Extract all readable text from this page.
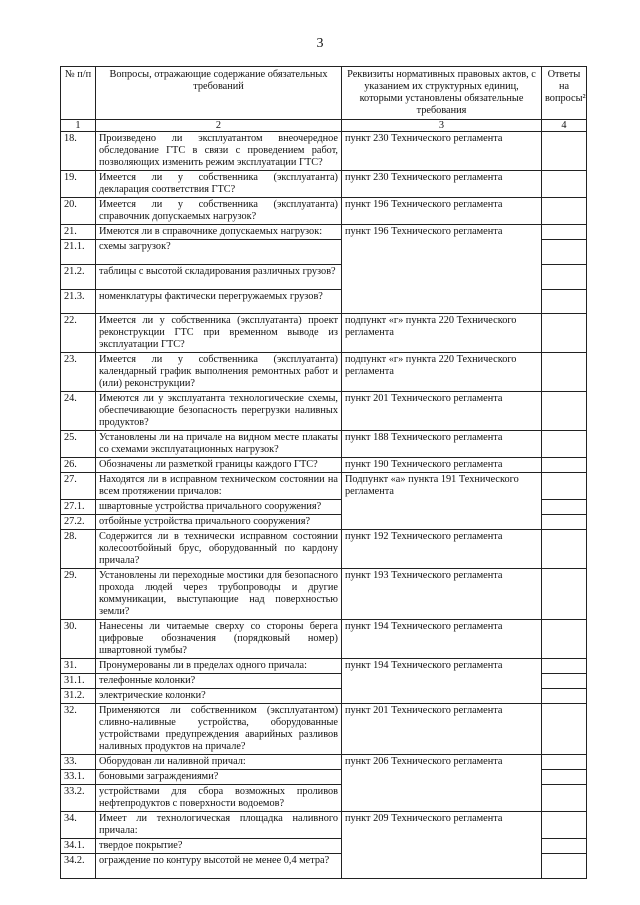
3
№ п/п	Вопросы, отражающие содержание обязательных требований	Реквизиты нормативных правовых актов, с указанием их структурных единиц, которыми установлены обязательные требования	Ответы на вопросы²
1	2	3	4
18.	Произведено ли эксплуатантом внеочередное обследование ГТС в связи с проведением работ, позволяющих изменить режим эксплуатации ГТС?	пункт 230 Технического регламента	
19.	Имеется ли у собственника (эксплуатанта) декларация соответствия ГТС?	пункт 230 Технического регламента	
20.	Имеется ли у собственника (эксплуатанта) справочник допускаемых нагрузок?	пункт 196 Технического регламента	
21.	Имеются ли в справочнике допускаемых нагрузок:	пункт 196 Технического регламента	
21.1.	схемы загрузок?		
21.2.	таблицы с высотой складирования различных грузов?		
21.3.	номенклатуры фактически перегружаемых грузов?		
22.	Имеется ли у собственника (эксплуатанта) проект реконструкции ГТС при временном выводе из эксплуатации ГТС?	подпункт «г» пункта 220 Технического регламента	
23.	Имеется ли у собственника (эксплуатанта) календарный график выполнения ремонтных работ и (или) реконструкции?	подпункт «г» пункта 220 Технического регламента	
24.	Имеются ли у эксплуатанта технологические схемы, обеспечивающие безопасность перегрузки наливных продуктов?	пункт 201 Технического регламента	
25.	Установлены ли на причале на видном месте плакаты со схемами эксплуатационных нагрузок?	пункт 188 Технического регламента	
26.	Обозначены ли разметкой границы каждого ГТС?	пункт 190 Технического регламента	
27.	Находятся ли в исправном техническом состоянии на всем протяжении причалов:	Подпункт «а» пункта 191 Технического регламента	
27.1.	швартовные устройства причального сооружения?		
27.2.	отбойные устройства причального сооружения?		
28.	Содержится ли в технически исправном состоянии колесоотбойный брус, оборудованный по кардону причала?	пункт 192 Технического регламента	
29.	Установлены ли переходные мостики для безопасного прохода людей через трубопроводы и другие коммуникации, выступающие над поверхностью земли?	пункт 193 Технического регламента	
30.	Нанесены ли читаемые сверху со стороны берега цифровые обозначения (порядковый номер) швартовной тумбы?	пункт 194 Технического регламента	
31.	Пронумерованы ли в пределах одного причала:	пункт 194 Технического регламента	
31.1.	телефонные колонки?		
31.2.	электрические колонки?		
32.	Применяются ли собственником (эксплуатантом) сливно-наливные устройства, оборудованные устройствами предупреждения аварийных разливов наливных продуктов на причале?	пункт 201 Технического регламента	
33.	Оборудован ли наливной причал:	пункт 206 Технического регламента	
33.1.	боновыми заграждениями?		
33.2.	устройствами для сбора возможных проливов нефтепродуктов с поверхности водоемов?		
34.	Имеет ли технологическая площадка наливного причала:	пункт 209 Технического регламента	
34.1.	твердое покрытие?		
34.2.	ограждение по контуру высотой не менее 0,4 метра?		
